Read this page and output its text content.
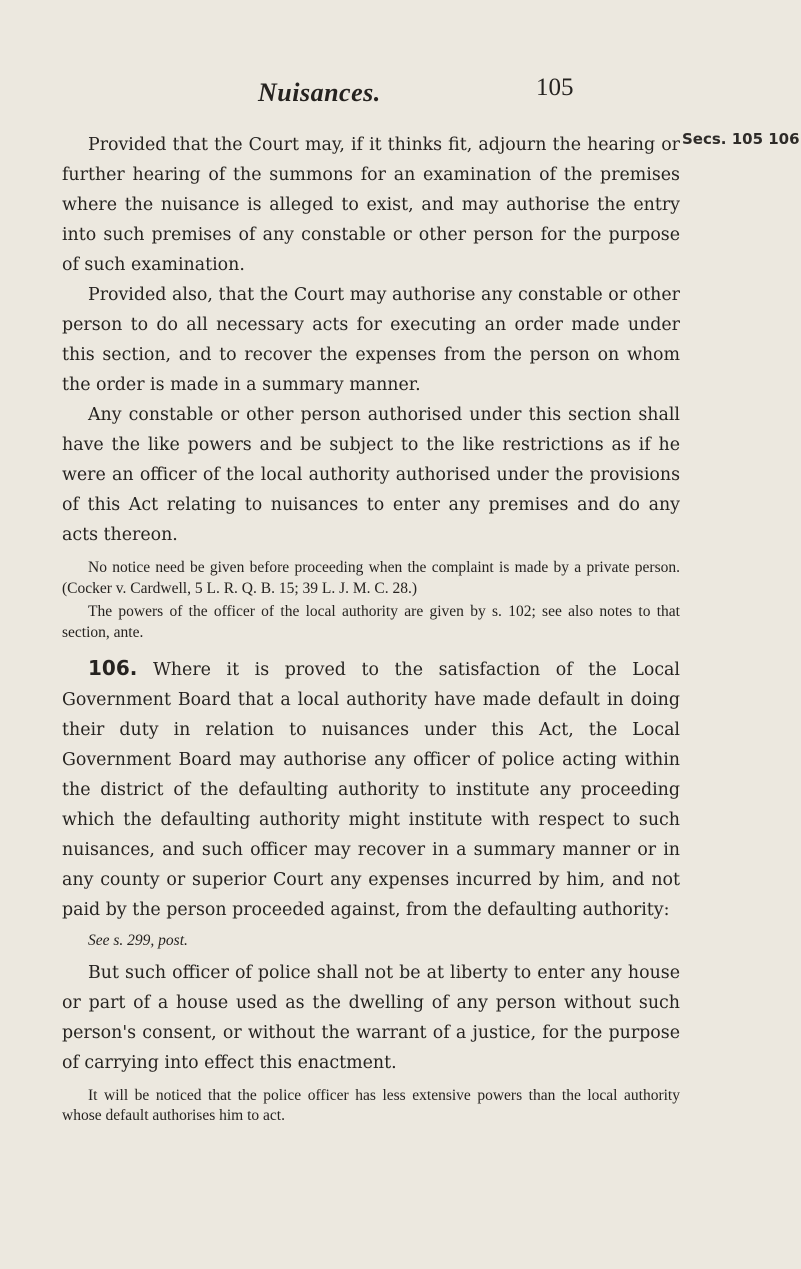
Nuisances.	105
Secs. 105 106

Provided that the Court may, if it thinks fit, adjourn the hearing or further hearing of the summons for an examination of the premises where the nuisance is alleged to exist, and may authorise the entry into such premises of any constable or other person for the purpose of such examination.

Provided also, that the Court may authorise any constable or other person to do all necessary acts for executing an order made under this section, and to recover the expenses from the person on whom the order is made in a summary manner.

Any constable or other person authorised under this section shall have the like powers and be subject to the like restrictions as if he were an officer of the local authority authorised under the provisions of this Act relating to nuisances to enter any premises and do any acts thereon.

No notice need be given before proceeding when the complaint is made by a private person. (Cocker v. Cardwell, 5 L. R. Q. B. 15; 39 L. J. M. C. 28.)

The powers of the officer of the local authority are given by s. 102; see also notes to that section, ante.

106. Where it is proved to the satisfaction of the Local Government Board that a local authority have made default in doing their duty in relation to nuisances under this Act, the Local Government Board may authorise any officer of police acting within the district of the defaulting authority to institute any proceeding which the defaulting authority might institute with respect to such nuisances, and such officer may recover in a summary manner or in any county or superior Court any expenses incurred by him, and not paid by the person proceeded against, from the defaulting authority:

See s. 299, post.

But such officer of police shall not be at liberty to enter any house or part of a house used as the dwelling of any person without such person's consent, or without the warrant of a justice, for the purpose of carrying into effect this enactment.

It will be noticed that the police officer has less extensive powers than the local authority whose default authorises him to act.
